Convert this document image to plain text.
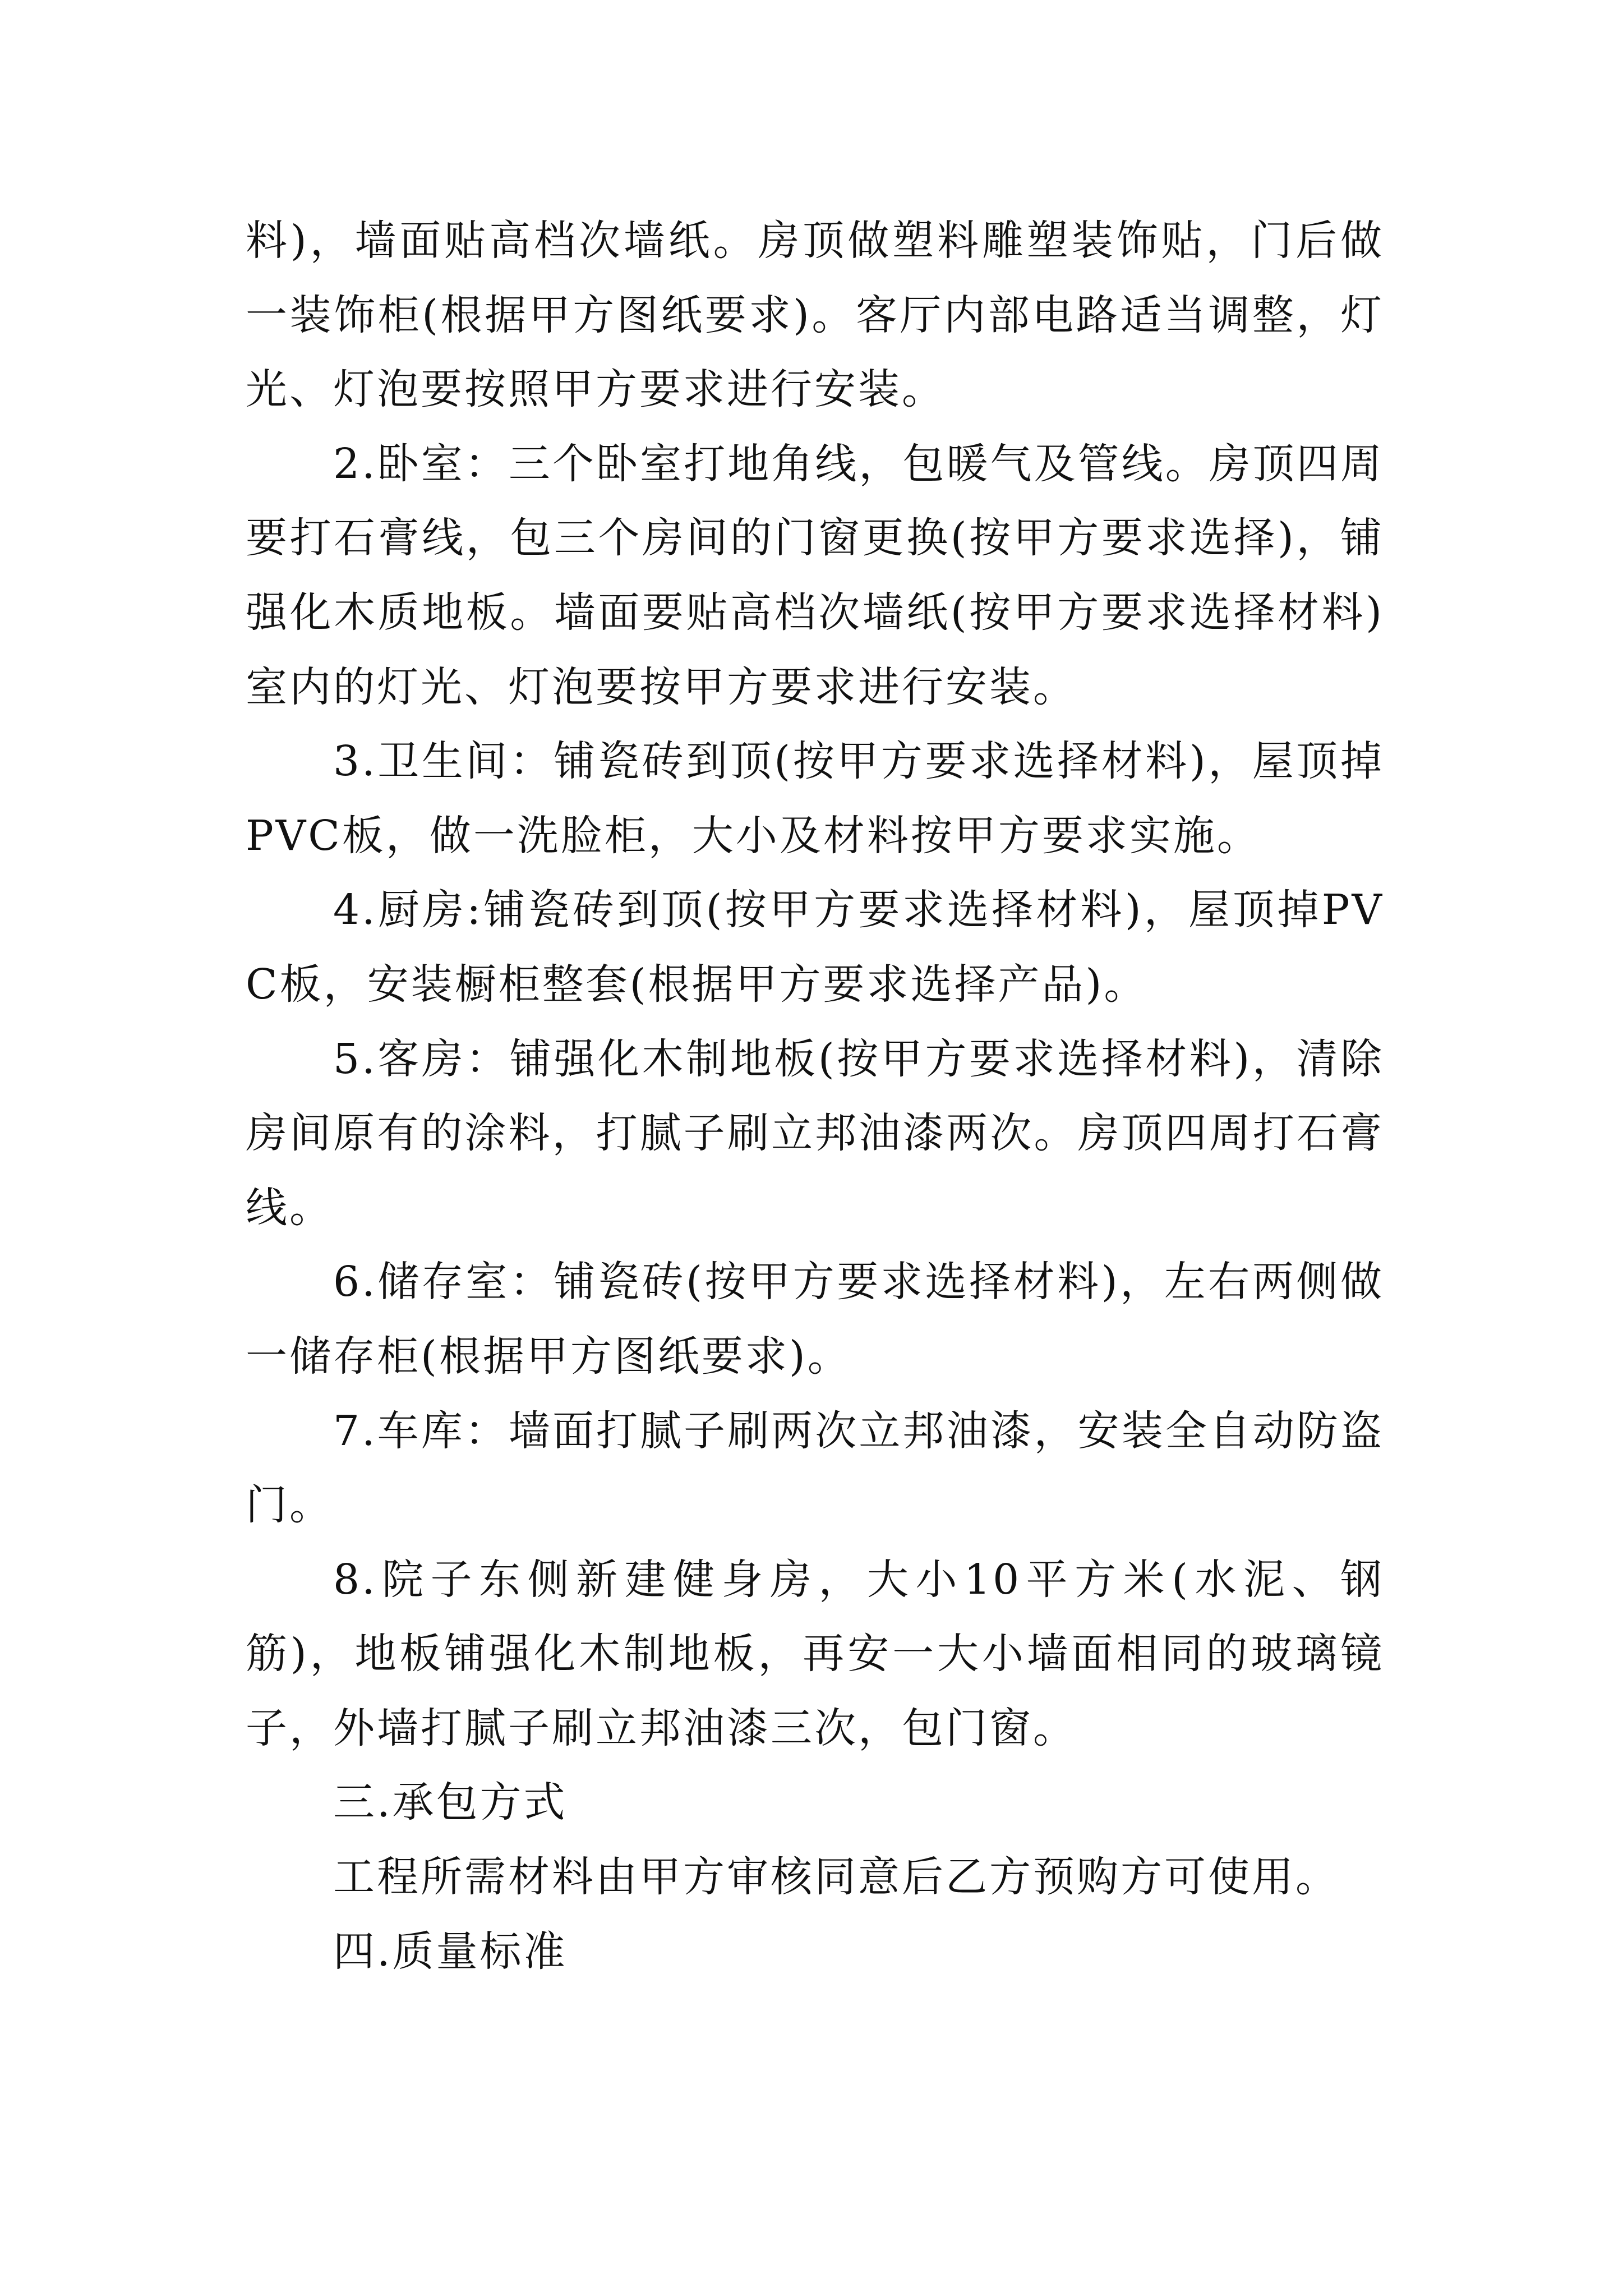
料)，墙面贴高档次墙纸。房顶做塑料雕塑装饰贴，门后做一装饰柜(根据甲方图纸要求)。客厅内部电路适当调整，灯光、灯泡要按照甲方要求进行安装。

2.卧室：三个卧室打地角线，包暖气及管线。房顶四周要打石膏线，包三个房间的门窗更换(按甲方要求选择)，铺强化木质地板。墙面要贴高档次墙纸(按甲方要求选择材料)室内的灯光、灯泡要按甲方要求进行安装。

3.卫生间：铺瓷砖到顶(按甲方要求选择材料)，屋顶掉PVC板，做一洗脸柜，大小及材料按甲方要求实施。

4.厨房:铺瓷砖到顶(按甲方要求选择材料)，屋顶掉PVC板，安装橱柜整套(根据甲方要求选择产品)。

5.客房：铺强化木制地板(按甲方要求选择材料)，清除房间原有的涂料，打腻子刷立邦油漆两次。房顶四周打石膏线。

6.储存室：铺瓷砖(按甲方要求选择材料)，左右两侧做一储存柜(根据甲方图纸要求)。

7.车库：墙面打腻子刷两次立邦油漆，安装全自动防盗门。

8.院子东侧新建健身房，大小10平方米(水泥、钢筋)，地板铺强化木制地板，再安一大小墙面相同的玻璃镜子，外墙打腻子刷立邦油漆三次，包门窗。

三.承包方式

工程所需材料由甲方审核同意后乙方预购方可使用。

四.质量标准
